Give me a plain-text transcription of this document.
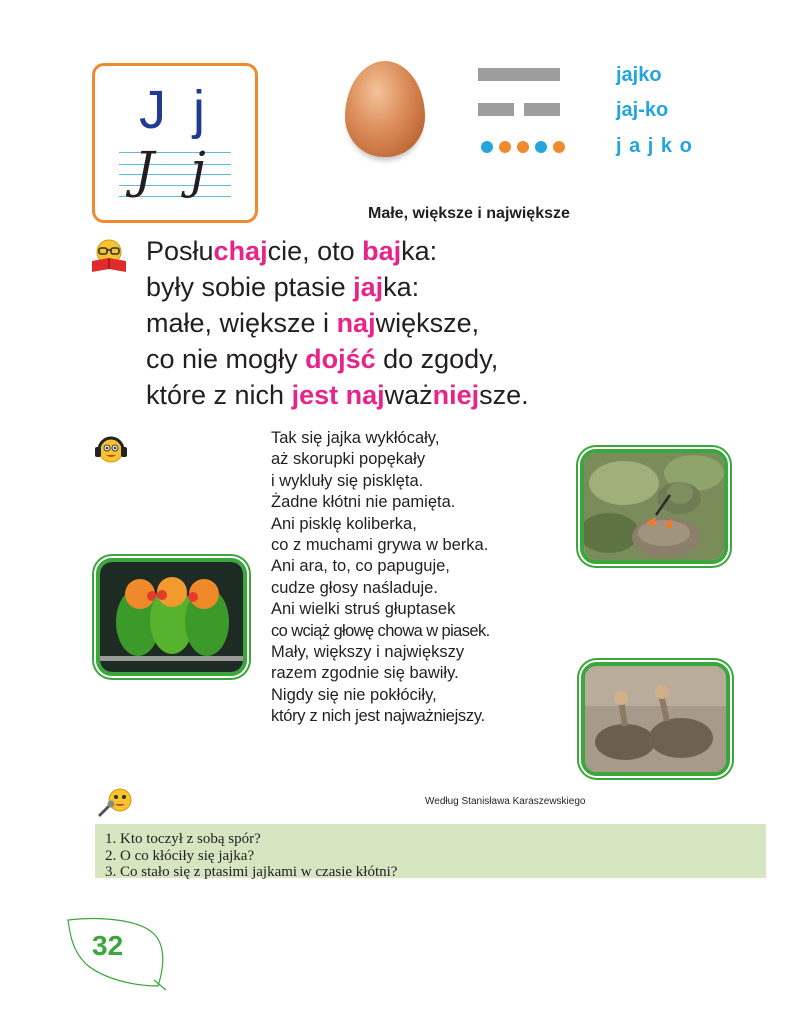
J j
J j
jajko
jaj-ko
j a j k o
Małe, większe i największe
Posłuchajcie, oto bajka:
były sobie ptasie jajka:
małe, większe i największe,
co nie mogły dojść do zgody,
które z nich jest najważniejsze.
Tak się jajka wykłócały,
aż skorupki popękały
i wykluły się pisklęta.
Żadne kłótni nie pamięta.
Ani pisklę koliberka,
co z muchami grywa w berka.
Ani ara, to, co papuguje,
cudze głosy naśladuje.
Ani wielki struś głuptasek
co wciąż głowę chowa w piasek.
Mały, większy i największy
razem zgodnie się bawiły.
Nigdy się nie pokłóciły,
który z nich jest najważniejszy.
Według Stanisława Karaszewskiego
1. Kto toczył z sobą spór?
2. O co kłóciły się jajka?
3. Co stało się z ptasimi jajkami w czasie kłótni?
32
